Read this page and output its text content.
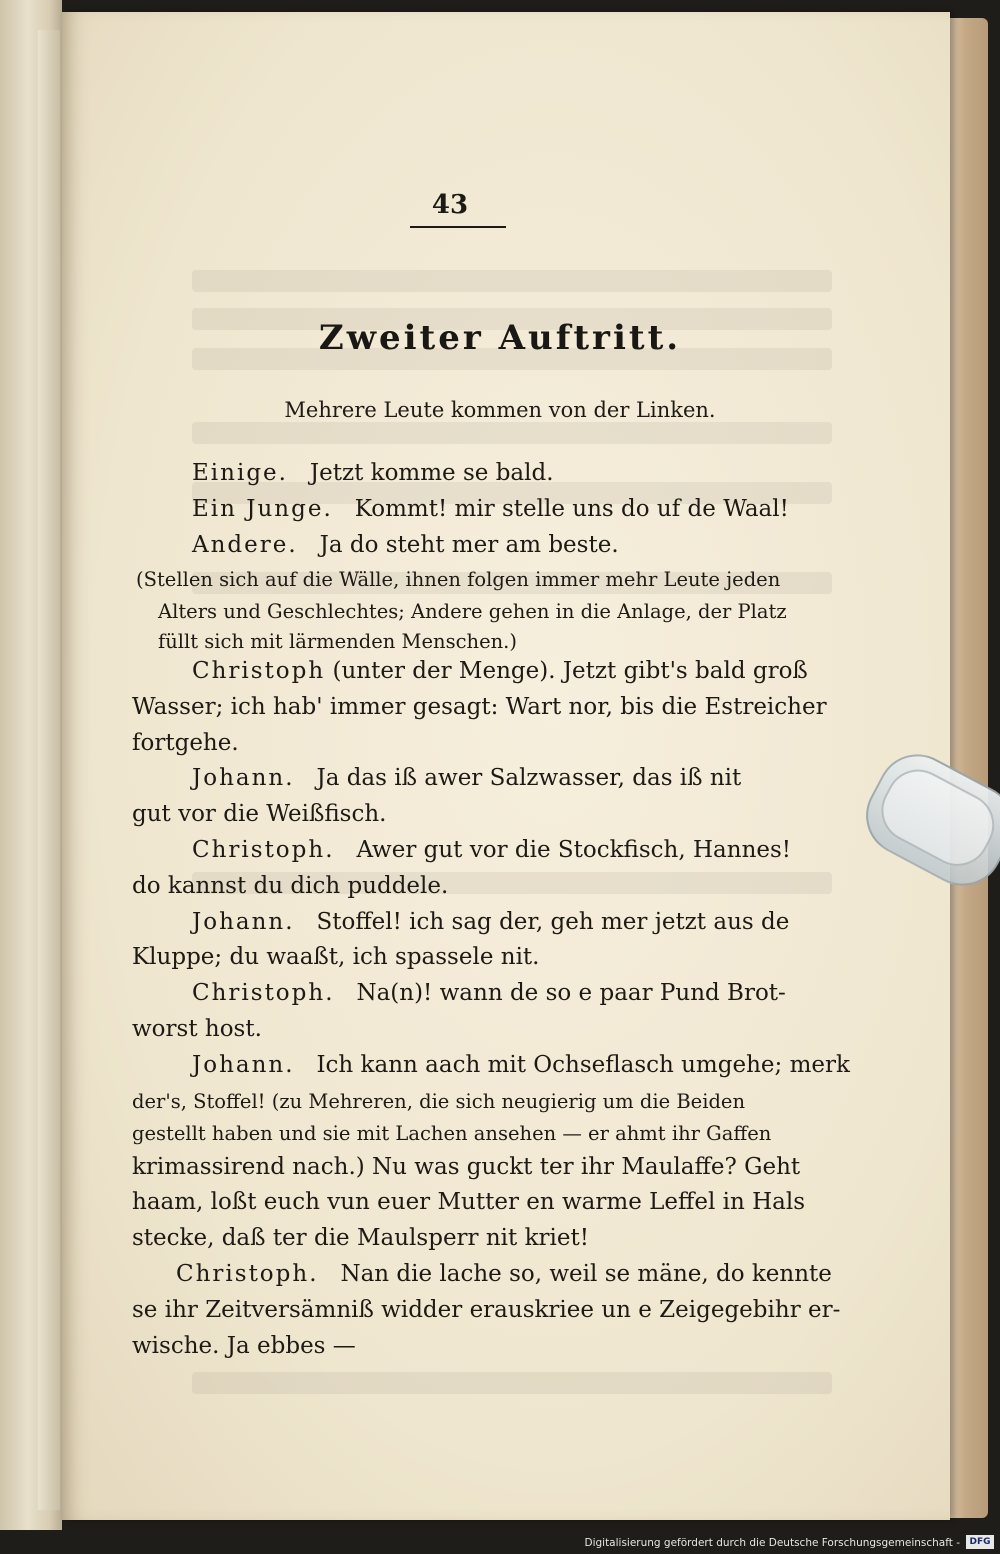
43
Zweiter Auftritt.
Mehrere Leute kommen von der Linken.
Einige. Jetzt komme se bald.
Ein Junge. Kommt! mir stelle uns do uf de Waal!
Andere. Ja do steht mer am beste.
(Stellen sich auf die Wälle, ihnen folgen immer mehr Leute jeden
Alters und Geschlechtes; Andere gehen in die Anlage, der Platz
füllt sich mit lärmenden Menschen.)
Christoph (unter der Menge). Jetzt gibt's bald groß
Wasser; ich hab' immer gesagt: Wart nor, bis die Estreicher
fortgehe.
Johann. Ja das iß awer Salzwasser, das iß nit
gut vor die Weißfisch.
Christoph. Awer gut vor die Stockfisch, Hannes!
do kannst du dich puddele.
Johann. Stoffel! ich sag der, geh mer jetzt aus de
Kluppe; du waaßt, ich spassele nit.
Christoph. Na(n)! wann de so e paar Pund Brot-
worst host.
Johann. Ich kann aach mit Ochseflasch umgehe; merk
der's, Stoffel! (zu Mehreren, die sich neugierig um die Beiden
gestellt haben und sie mit Lachen ansehen — er ahmt ihr Gaffen
krimassirend nach.) Nu was guckt ter ihr Maulaffe? Geht
haam, loßt euch vun euer Mutter en warme Leffel in Hals
stecke, daß ter die Maulsperr nit kriet!
Christoph. Nan die lache so, weil se mäne, do kennte
se ihr Zeitversämniß widder erauskriee un e Zeigegebihr er-
wische. Ja ebbes —
Digitalisierung gefördert durch die Deutsche Forschungsgemeinschaft -	DFG
